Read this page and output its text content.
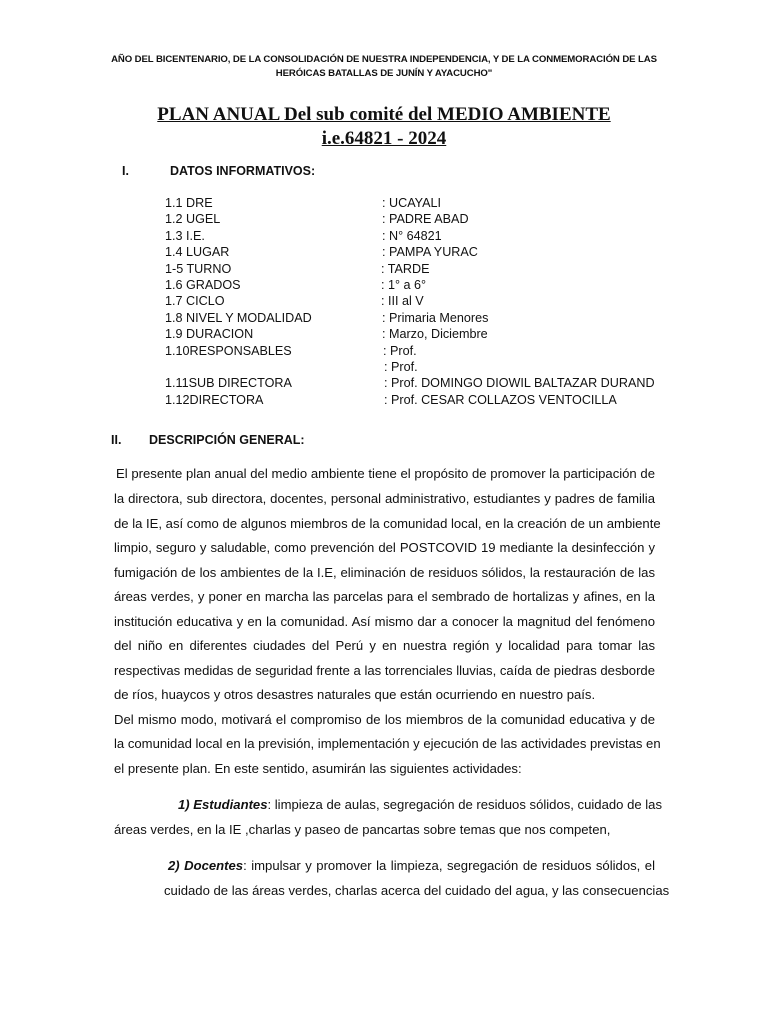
AÑO DEL BICENTENARIO, DE LA CONSOLIDACIÓN DE NUESTRA INDEPENDENCIA, Y DE LA CONMEMORACIÓN DE LAS
HERÓICAS BATALLAS DE JUNÍN Y AYACUCHO"
PLAN ANUAL Del sub comité del MEDIO AMBIENTE
i.e.64821 - 2024
I.	DATOS INFORMATIVOS:
1.1 DRE	: UCAYALI
1.2 UGEL	: PADRE ABAD
1.3 I.E.	: N° 64821
1.4 LUGAR	: PAMPA YURAC
1-5 TURNO	: TARDE
1.6 GRADOS	: 1° a 6°
1.7 CICLO	: III al V
1.8 NIVEL Y MODALIDAD	: Primaria Menores
1.9 DURACION	: Marzo, Diciembre
1.10RESPONSABLES	: Prof.
: Prof.
1.11SUB DIRECTORA	: Prof. DOMINGO DIOWIL BALTAZAR DURAND
1.12DIRECTORA	: Prof. CESAR COLLAZOS VENTOCILLA
II. DESCRIPCIÓN GENERAL:
El presente plan anual del medio ambiente tiene el propósito de promover la participación de
la directora, sub directora, docentes, personal administrativo, estudiantes y padres de familia
de la IE, así como de algunos miembros de la comunidad local, en la creación de un ambiente
limpio, seguro y saludable, como prevención del POSTCOVID 19 mediante la desinfección y
fumigación de los ambientes de la I.E, eliminación de residuos sólidos, la restauración de las
áreas verdes, y poner en marcha las parcelas para el sembrado de hortalizas y afines, en la
institución educativa y en la comunidad. Así mismo dar a conocer la magnitud del fenómeno
del niño en diferentes ciudades del Perú y en nuestra región y localidad para tomar las
respectivas medidas de seguridad frente a las torrenciales lluvias, caída de piedras desborde
de ríos, huaycos y otros desastres naturales que están ocurriendo en nuestro país.
Del mismo modo, motivará el compromiso de los miembros de la comunidad educativa y de
la comunidad local en la previsión, implementación y ejecución de las actividades previstas en
el presente plan. En este sentido, asumirán las siguientes actividades:
1) Estudiantes: limpieza de aulas, segregación de residuos sólidos, cuidado de las
áreas verdes, en la IE ,charlas y paseo de pancartas sobre temas que nos competen,
2) Docentes: impulsar y promover la limpieza, segregación de residuos sólidos, el
cuidado de las áreas verdes, charlas acerca del cuidado del agua, y las consecuencias
